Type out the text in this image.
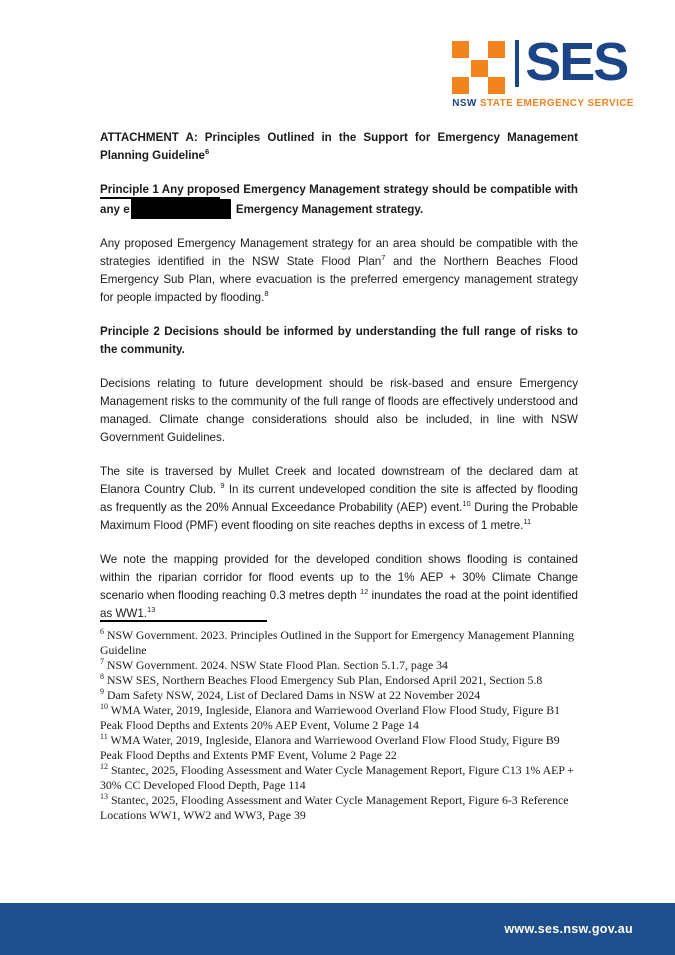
SES
NSW STATE EMERGENCY SERVICE

ATTACHMENT A: Principles Outlined in the Support for Emergency Management Planning Guideline$^6$

Principle 1 Any proposed Emergency Management strategy should be compatible with any e	Emergency Management strategy.

Any proposed Emergency Management strategy for an area should be compatible with the strategies identified in the NSW State Flood Plan$^7$ and the Northern Beaches Flood Emergency Sub Plan, where evacuation is the preferred emergency management strategy for people impacted by flooding.$^8$

Principle 2 Decisions should be informed by understanding the full range of risks to the community.

Decisions relating to future development should be risk-based and ensure Emergency Management risks to the community of the full range of floods are effectively understood and managed. Climate change considerations should also be included, in line with NSW Government Guidelines.

The site is traversed by Mullet Creek and located downstream of the declared dam at Elanora Country Club. $^9$ In its current undeveloped condition the site is affected by flooding as frequently as the 20% Annual Exceedance Probability (AEP) event.$^{10}$ During the Probable Maximum Flood (PMF) event flooding on site reaches depths in excess of 1 metre.$^{11}$

We note the mapping provided for the developed condition shows flooding is contained within the riparian corridor for flood events up to the 1% AEP + 30% Climate Change scenario when flooding reaching 0.3 metres depth $^{12}$ inundates the road at the point identified as WW1.13

$^6$ NSW Government. 2023. Principles Outlined in the Support for Emergency Management Planning Guideline
$^7$ NSW Government. 2024. NSW State Flood Plan. Section 5.1.7, page 34
$^8$ NSW SES, Northern Beaches Flood Emergency Sub Plan, Endorsed April 2021, Section 5.8
$^9$ Dam Safety NSW, 2024, List of Declared Dams in NSW at 22 November 2024
$^{10}$ WMA Water, 2019, Ingleside, Elanora and Warriewood Overland Flow Flood Study, Figure B1 Peak Flood Depths and Extents 20% AEP Event, Volume 2 Page 14
$^{11}$ WMA Water, 2019, Ingleside, Elanora and Warriewood Overland Flow Flood Study, Figure B9 Peak Flood Depths and Extents PMF Event, Volume 2 Page 22
$^{12}$ Stantec, 2025, Flooding Assessment and Water Cycle Management Report, Figure C13 1% AEP + 30% CC Developed Flood Depth, Page 114
$^{13}$ Stantec, 2025, Flooding Assessment and Water Cycle Management Report, Figure 6-3 Reference Locations WW1, WW2 and WW3, Page 39
www.ses.nsw.gov.au
